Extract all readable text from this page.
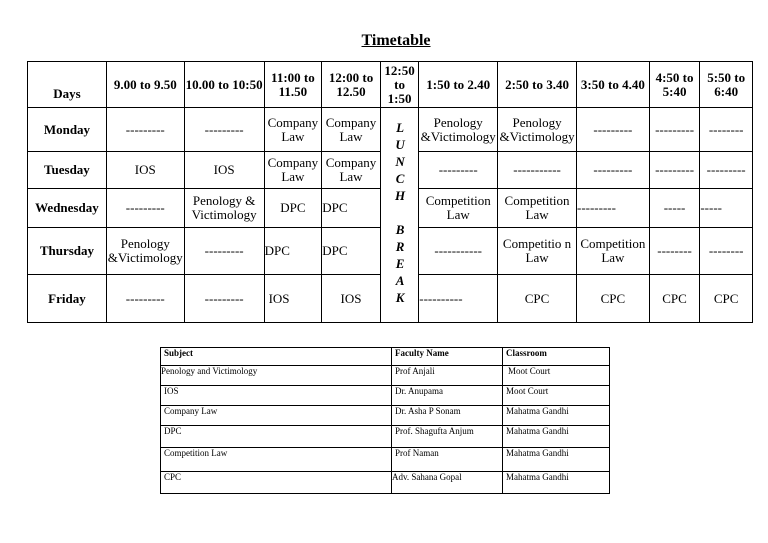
Timetable
Days	9.00 to 9.50	10.00 to 10:50	11:00 to 11.50	12:00 to 12.50	12:50 to 1:50	1:50 to 2.40	2:50 to 3.40	3:50 to 4.40	4:50 to 5:40	5:50 to 6:40
Monday	---------	---------	Company Law	Company Law	LUNCH BREAK	Penology &Victimology	Penology &Victimology	---------	---------	--------
Tuesday	IOS	IOS	Company Law	Company Law		---------	-----------	---------	---------	---------
Wednesday	---------	Penology & Victimology	DPC	DPC		Competition Law	Competition Law	---------	-----	-----
Thursday	Penology &Victimology	---------	DPC	DPC		-----------	Competitio n Law	Competition Law	--------	--------
Friday	---------	---------	IOS	IOS		----------	CPC	CPC	CPC	CPC
Subject	Faculty Name	Classroom
Penology and Victimology	Prof Anjali	Moot Court
IOS	Dr. Anupama	Moot Court
Company Law	Dr. Asha P Sonam	Mahatma Gandhi
DPC	Prof. Shagufta Anjum	Mahatma Gandhi
Competition Law	Prof Naman	Mahatma Gandhi
CPC	Adv. Sahana Gopal	Mahatma Gandhi
